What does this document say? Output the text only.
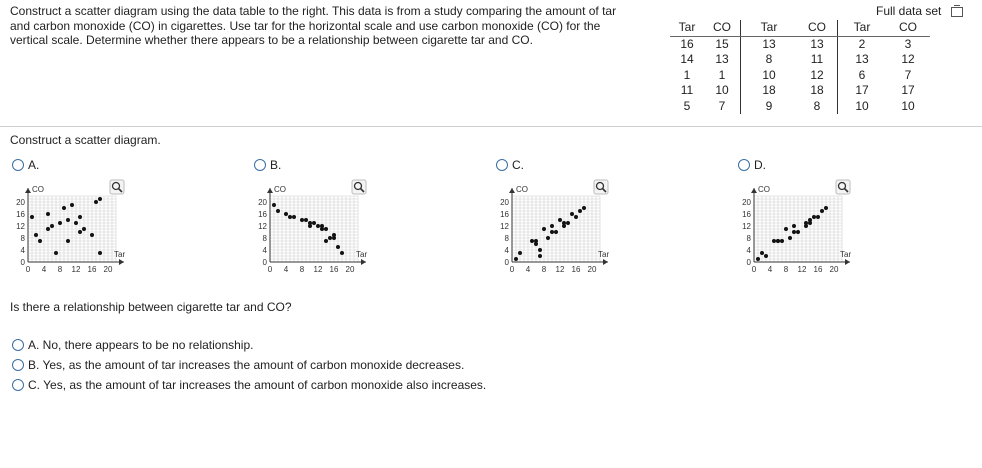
Construct a scatter diagram using the data table to the right. This data is from a study comparing the amount of tar and carbon monoxide (CO) in cigarettes. Use tar for the horizontal scale and use carbon monoxide (CO) for the vertical scale. Determine whether there appears to be a relationship between cigarette tar and CO.
Full data set
Tar	CO	Tar	CO	Tar	CO
16	15	13	13	2	3
14	13	8	11	13	12
1	1	10	12	6	7
11	10	18	18	17	17
5	7	9	8	10	10
Construct a scatter diagram.
A.
0
0
4
4
8
8
12
12
16
16
20
20
Tar
CO
B.
0
0
4
4
8
8
12
12
16
16
20
20
Tar
CO
C.
0
0
4
4
8
8
12
12
16
16
20
20
Tar
CO
D.
0
0
4
4
8
8
12
12
16
16
20
20
Tar
CO
Is there a relationship between cigarette tar and CO?
A. No, there appears to be no relationship.
B. Yes, as the amount of tar increases the amount of carbon monoxide decreases.
C. Yes, as the amount of tar increases the amount of carbon monoxide also increases.
